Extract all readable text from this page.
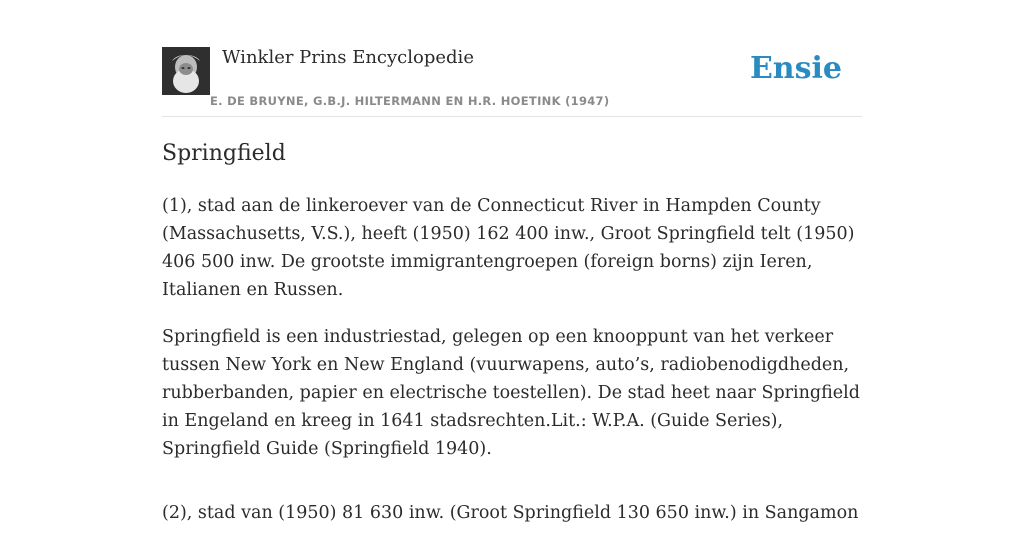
Winkler Prins Encyclopedie
E. DE BRUYNE, G.B.J. HILTERMANN EN H.R. HOETINK (1947)
Ensie
Springfield

(1), stad aan de linkeroever van de Connecticut River in Hampden County (Massachusetts, V.S.), heeft (1950) 162 400 inw., Groot Springfield telt (1950) 406 500 inw. De grootste immigrantengroepen (foreign borns) zijn Ieren, Italianen en Russen.

Springfield is een industriestad, gelegen op een knooppunt van het verkeer tussen New York en New England (vuurwapens, auto’s, radiobenodigdheden, rubberbanden, papier en electrische toestellen). De stad heet naar Springfield in Engeland en kreeg in 1641 stadsrechten.Lit.: W.P.A. (Guide Series), Springfield Guide (Springfield 1940).

(2), stad van (1950) 81 630 inw. (Groot Springfield 130 650 inw.) in Sangamon
